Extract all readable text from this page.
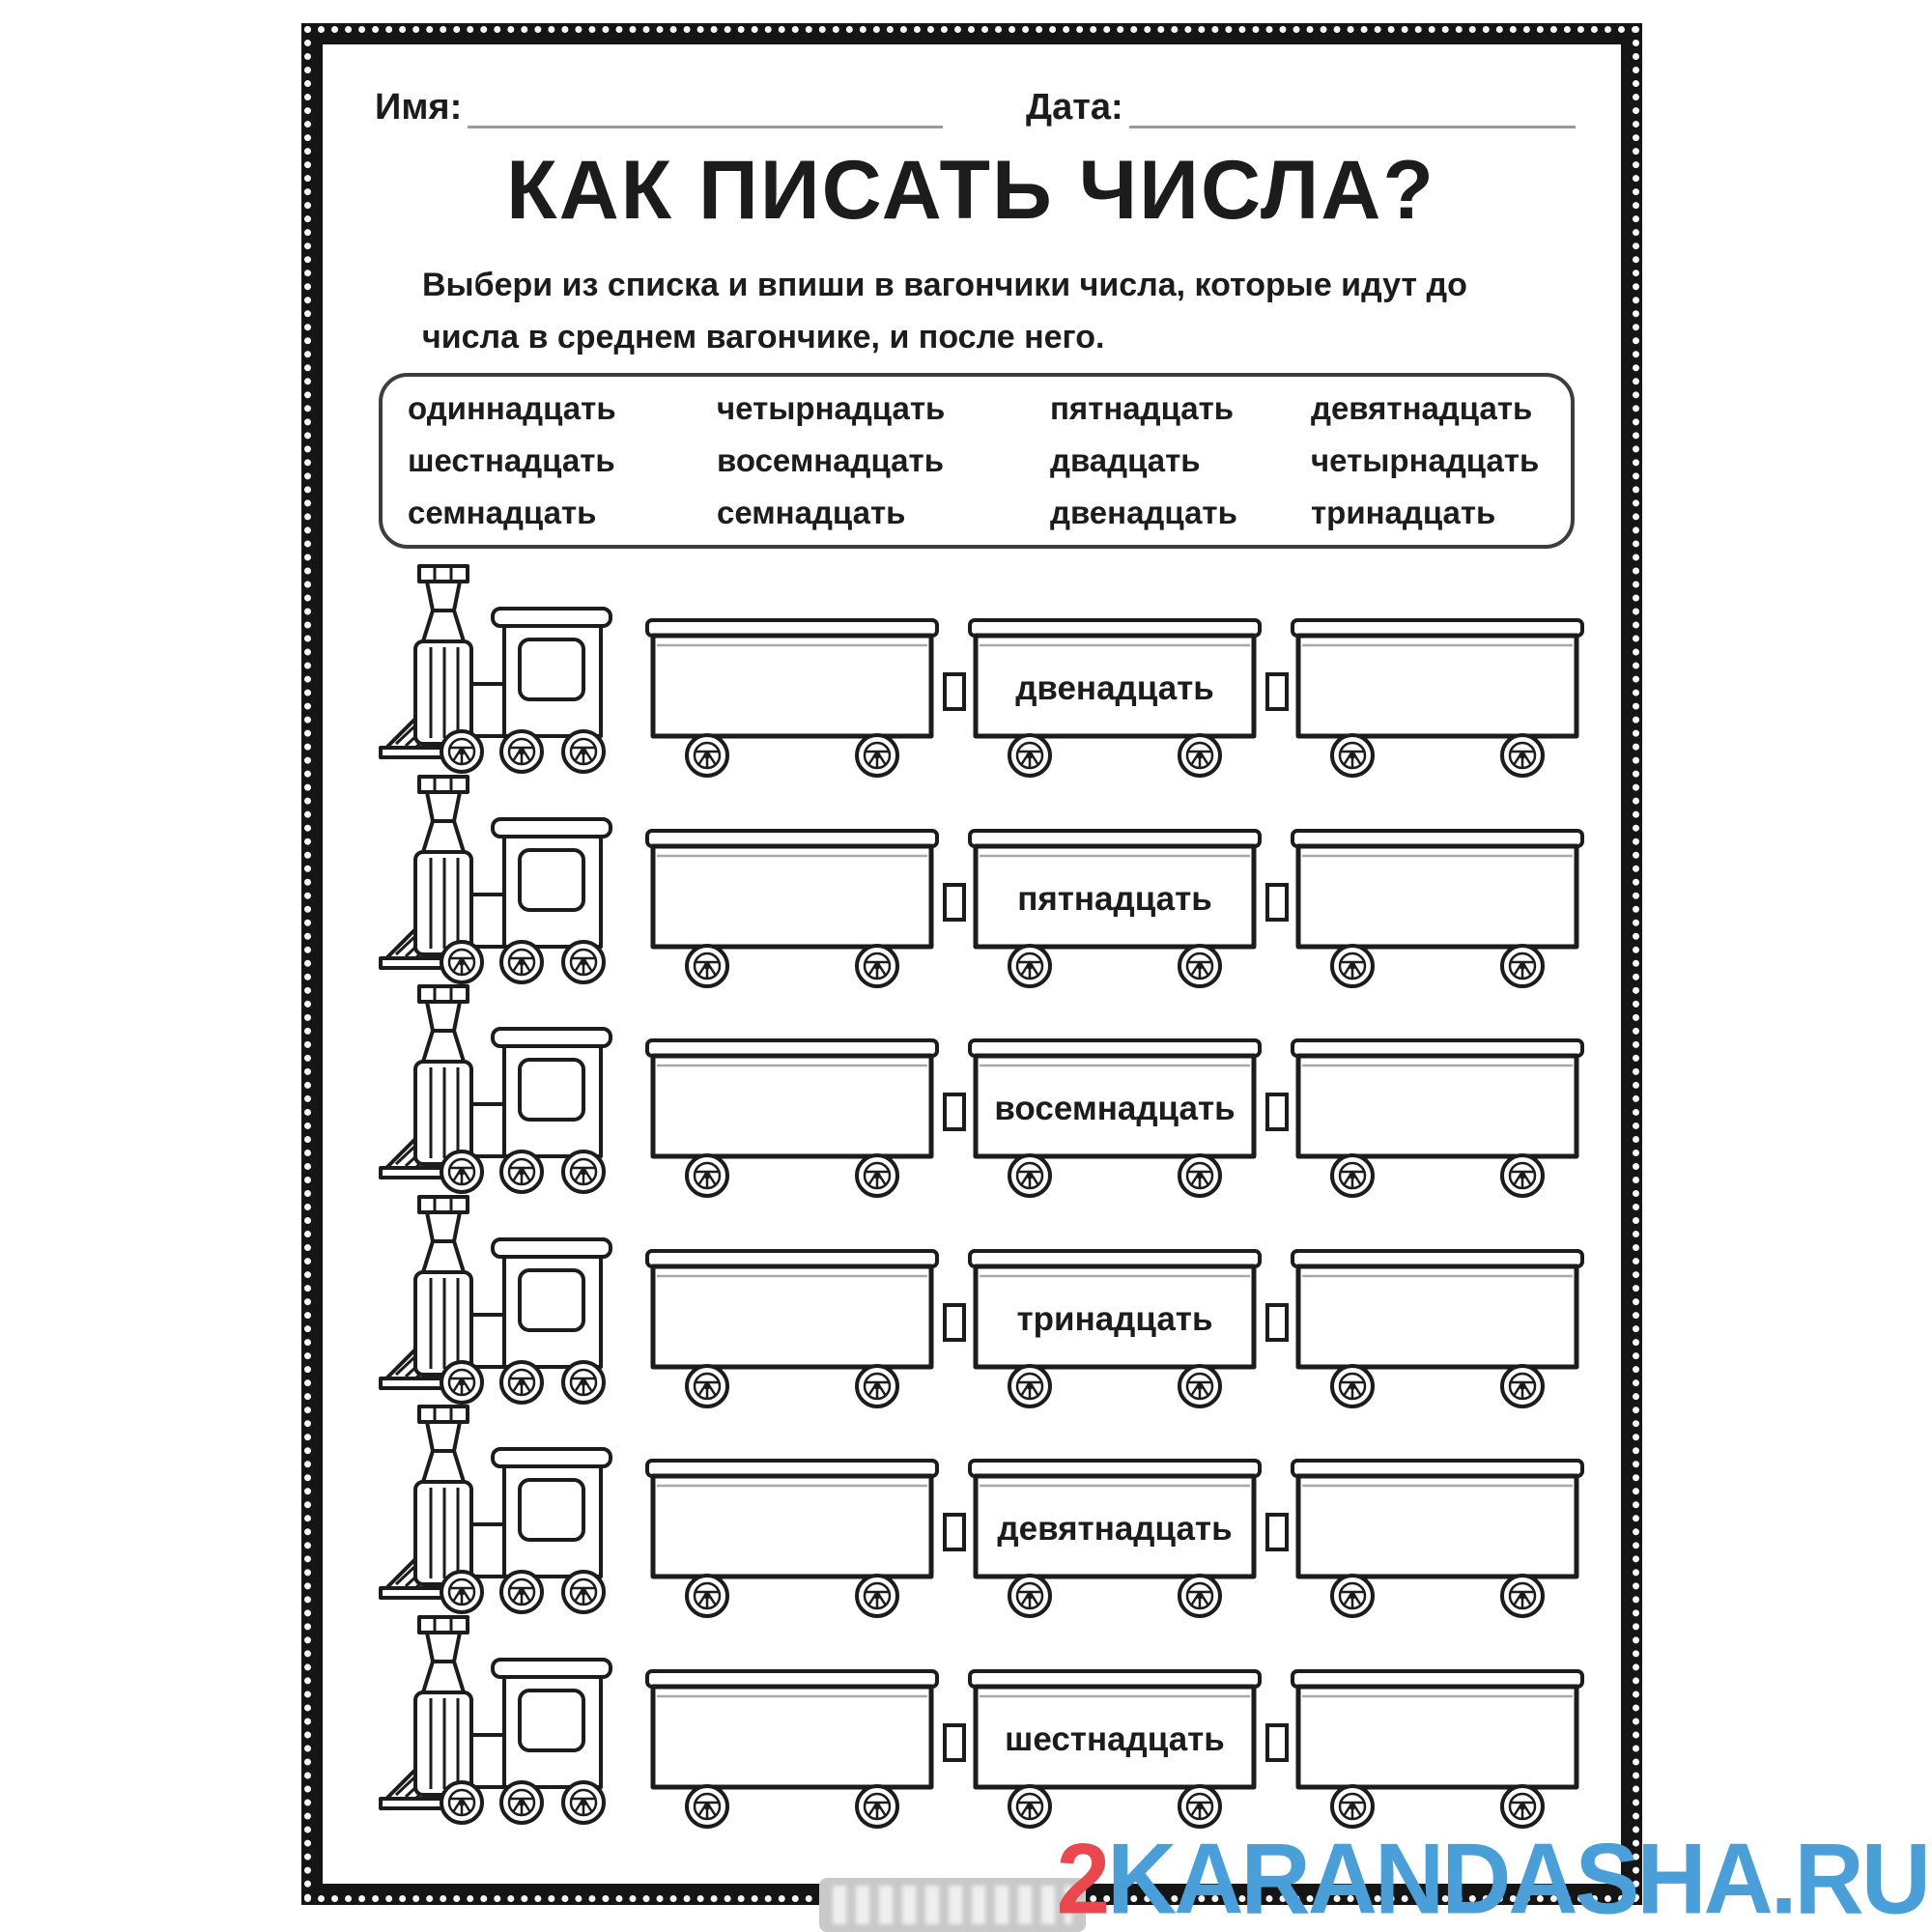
Имя:	Дата:
КАК ПИСАТЬ ЧИСЛА?
Выбери из списка и впиши в вагончики числа, которые идут до
числа в среднем вагончике, и после него.
одиннадцать	четырнадцать	пятнадцать	девятнадцать
шестнадцать	восемнадцать	двадцать	четырнадцать
семнадцать	семнадцать	двенадцать	тринадцать
двенадцать
пятнадцать
восемнадцать
тринадцать
девятнадцать
шестнадцать
2KARANDASHA.RU
